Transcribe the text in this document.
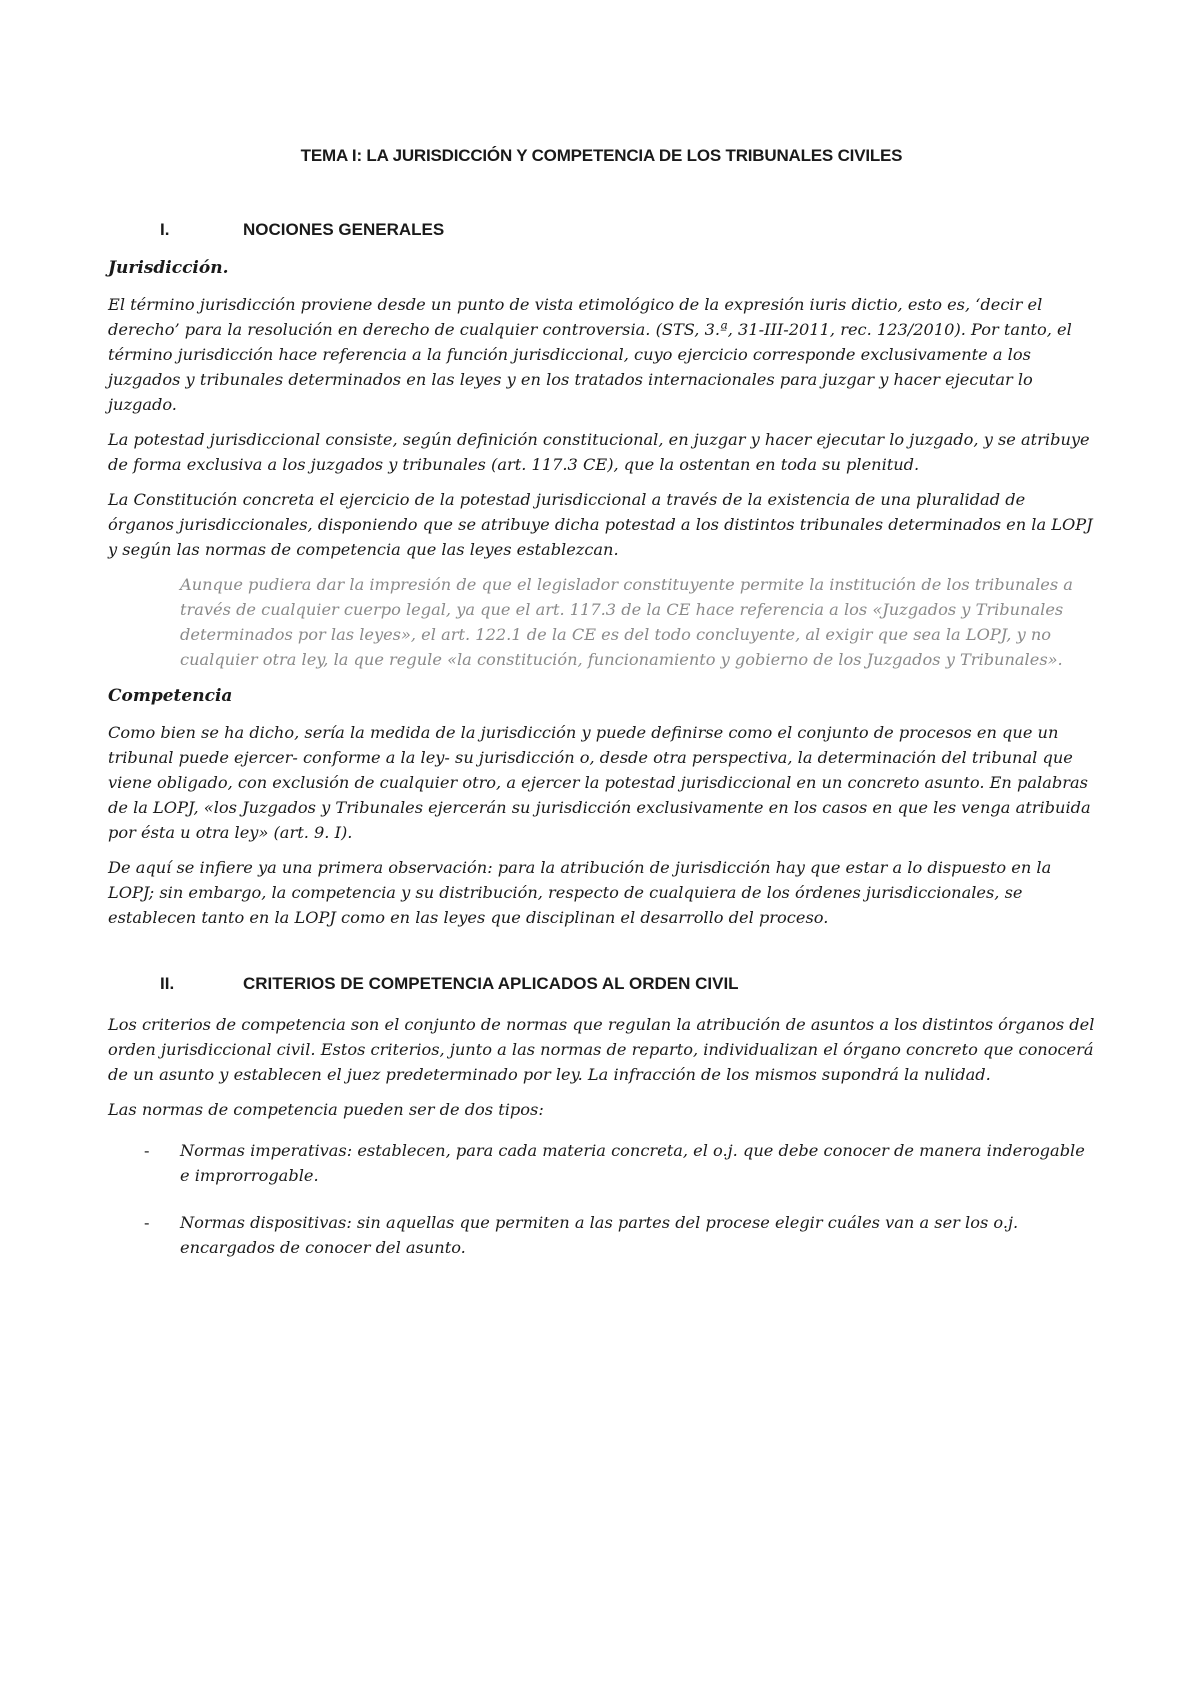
TEMA I: LA JURISDICCIÓN Y COMPETENCIA DE LOS TRIBUNALES CIVILES
I.	NOCIONES GENERALES
Jurisdicción.

El término jurisdicción proviene desde un punto de vista etimológico de la expresión iuris dictio, esto es, ‘decir el derecho’ para la resolución en derecho de cualquier controversia. (STS, 3.ª, 31-III-2011, rec. 123/2010). Por tanto, el término jurisdicción hace referencia a la función jurisdiccional, cuyo ejercicio corresponde exclusivamente a los juzgados y tribunales determinados en las leyes y en los tratados internacionales para juzgar y hacer ejecutar lo juzgado.

La potestad jurisdiccional consiste, según definición constitucional, en juzgar y hacer ejecutar lo juzgado, y se atribuye de forma exclusiva a los juzgados y tribunales (art. 117.3 CE), que la ostentan en toda su plenitud.

La Constitución concreta el ejercicio de la potestad jurisdiccional a través de la existencia de una pluralidad de órganos jurisdiccionales, disponiendo que se atribuye dicha potestad a los distintos tribunales determinados en la LOPJ y según las normas de competencia que las leyes establezcan.

Aunque pudiera dar la impresión de que el legislador constituyente permite la institución de los tribunales a través de cualquier cuerpo legal, ya que el art. 117.3 de la CE hace referencia a los «Juzgados y Tribunales determinados por las leyes», el art. 122.1 de la CE es del todo concluyente, al exigir que sea la LOPJ, y no cualquier otra ley, la que regule «la constitución, funcionamiento y gobierno de los Juzgados y Tribunales».

Competencia

Como bien se ha dicho, sería la medida de la jurisdicción y puede definirse como el conjunto de procesos en que un tribunal puede ejercer- conforme a la ley- su jurisdicción o, desde otra perspectiva, la determinación del tribunal que viene obligado, con exclusión de cualquier otro, a ejercer la potestad jurisdiccional en un concreto asunto. En palabras de la LOPJ, «los Juzgados y Tribunales ejercerán su jurisdicción exclusivamente en los casos en que les venga atribuida por ésta u otra ley» (art. 9. I).

De aquí se infiere ya una primera observación: para la atribución de jurisdicción hay que estar a lo dispuesto en la LOPJ; sin embargo, la competencia y su distribución, respecto de cualquiera de los órdenes jurisdiccionales, se establecen tanto en la LOPJ como en las leyes que disciplinan el desarrollo del proceso.

II.	CRITERIOS DE COMPETENCIA APLICADOS AL ORDEN CIVIL

Los criterios de competencia son el conjunto de normas que regulan la atribución de asuntos a los distintos órganos del orden jurisdiccional civil. Estos criterios, junto a las normas de reparto, individualizan el órgano concreto que conocerá de un asunto y establecen el juez predeterminado por ley. La infracción de los mismos supondrá la nulidad.

Las normas de competencia pueden ser de dos tipos:

-	Normas imperativas: establecen, para cada materia concreta, el o.j. que debe conocer de manera inderogable e improrrogable.
-	Normas dispositivas: sin aquellas que permiten a las partes del procese elegir cuáles van a ser los o.j. encargados de conocer del asunto.
